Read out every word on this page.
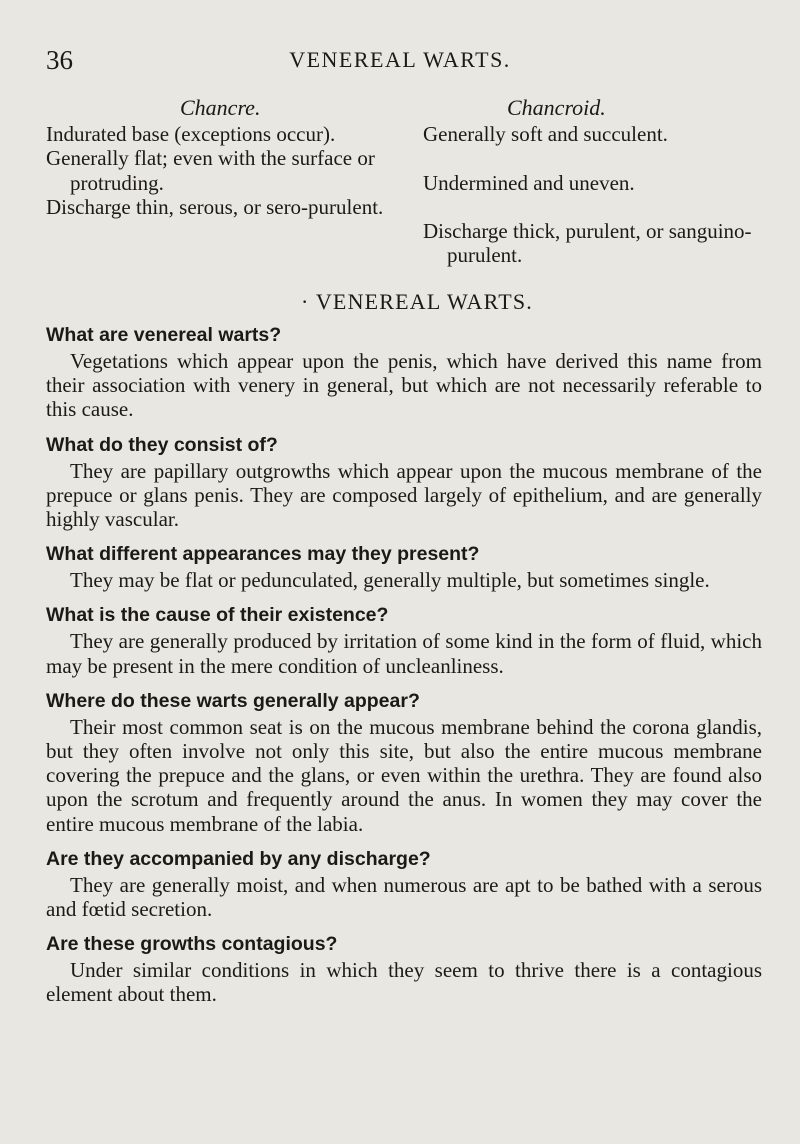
36	VENEREAL WARTS.
Chancre.
Indurated base (exceptions occur).
Generally flat; even with the surface or protruding.
Discharge thin, serous, or sero-purulent.
Chancroid.
Generally soft and succulent.
Undermined and uneven.
Discharge thick, purulent, or sanguino-purulent.
· VENEREAL WARTS.
What are venereal warts?
Vegetations which appear upon the penis, which have derived this name from their association with venery in general, but which are not necessarily referable to this cause.
What do they consist of?
They are papillary outgrowths which appear upon the mucous membrane of the prepuce or glans penis. They are composed largely of epithelium, and are generally highly vascular.
What different appearances may they present?
They may be flat or pedunculated, generally multiple, but sometimes single.
What is the cause of their existence?
They are generally produced by irritation of some kind in the form of fluid, which may be present in the mere condition of uncleanliness.
Where do these warts generally appear?
Their most common seat is on the mucous membrane behind the corona glandis, but they often involve not only this site, but also the entire mucous membrane covering the prepuce and the glans, or even within the urethra. They are found also upon the scrotum and frequently around the anus. In women they may cover the entire mucous membrane of the labia.
Are they accompanied by any discharge?
They are generally moist, and when numerous are apt to be bathed with a serous and fœtid secretion.
Are these growths contagious?
Under similar conditions in which they seem to thrive there is a contagious element about them.
